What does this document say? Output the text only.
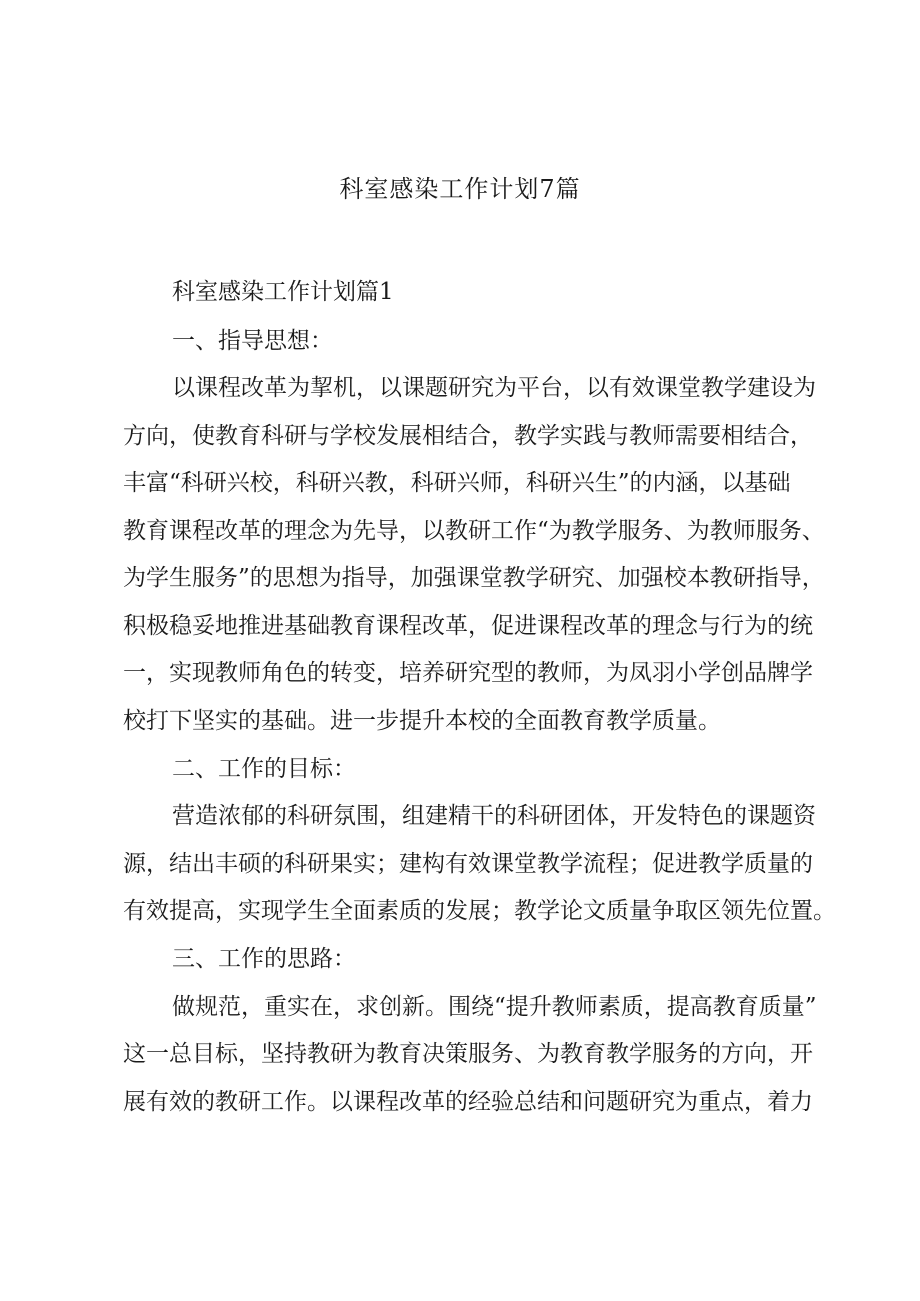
科室感染工作计划7篇

科室感染工作计划篇1

一、指导思想：

以课程改革为挈机，以课题研究为平台，以有效课堂教学建设为

方向，使教育科研与学校发展相结合，教学实践与教师需要相结合，

丰富“科研兴校，科研兴教，科研兴师，科研兴生”的内涵，以基础

教育课程改革的理念为先导，以教研工作“为教学服务、为教师服务、

为学生服务”的思想为指导，加强课堂教学研究、加强校本教研指导，

积极稳妥地推进基础教育课程改革，促进课程改革的理念与行为的统

一，实现教师角色的转变，培养研究型的教师，为凤羽小学创品牌学

校打下坚实的基础。进一步提升本校的全面教育教学质量。

二、工作的目标：

营造浓郁的科研氛围，组建精干的科研团体，开发特色的课题资

源，结出丰硕的科研果实；建构有效课堂教学流程；促进教学质量的

有效提高，实现学生全面素质的发展；教学论文质量争取区领先位置。

三、工作的思路：

做规范，重实在，求创新。围绕“提升教师素质，提高教育质量”

这一总目标，坚持教研为教育决策服务、为教育教学服务的方向，开

展有效的教研工作。以课程改革的经验总结和问题研究为重点，着力
